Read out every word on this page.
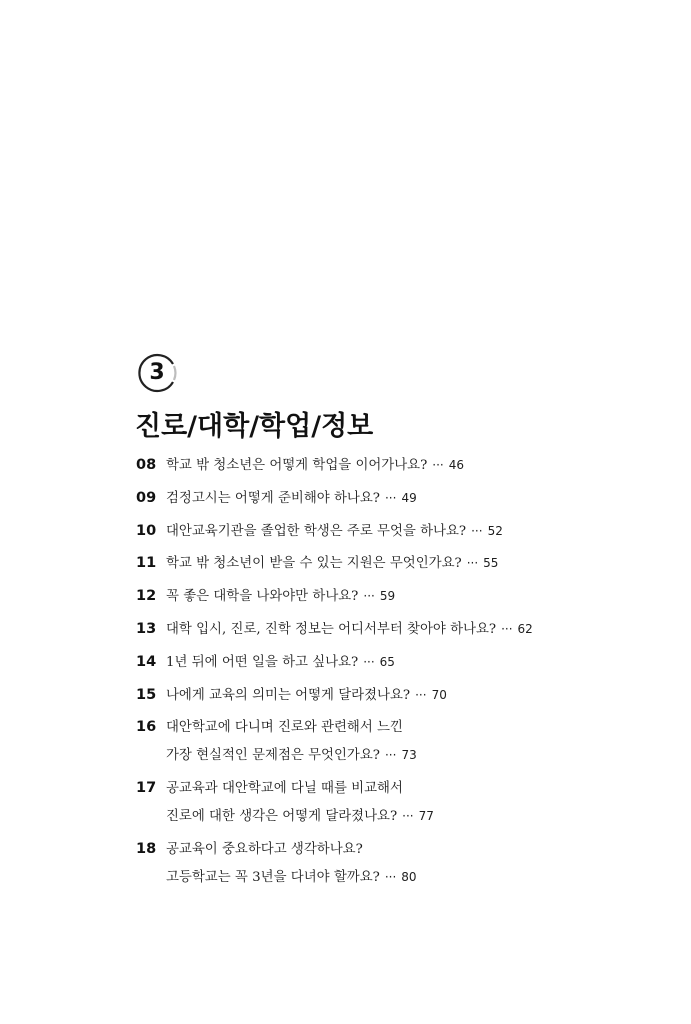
3
진로/대학/학업/정보
08 학교 밖 청소년은 어떻게 학업을 이어가나요? ··· 46
09 검정고시는 어떻게 준비해야 하나요? ··· 49
10 대안교육기관을 졸업한 학생은 주로 무엇을 하나요? ··· 52
11 학교 밖 청소년이 받을 수 있는 지원은 무엇인가요? ··· 55
12 꼭 좋은 대학을 나와야만 하나요? ··· 59
13 대학 입시, 진로, 진학 정보는 어디서부터 찾아야 하나요? ··· 62
14 1년 뒤에 어떤 일을 하고 싶나요? ··· 65
15 나에게 교육의 의미는 어떻게 달라졌나요? ··· 70
16 대안학교에 다니며 진로와 관련해서 느낀
가장 현실적인 문제점은 무엇인가요? ··· 73
17 공교육과 대안학교에 다닐 때를 비교해서
진로에 대한 생각은 어떻게 달라졌나요? ··· 77
18 공교육이 중요하다고 생각하나요?
고등학교는 꼭 3년을 다녀야 할까요? ··· 80
